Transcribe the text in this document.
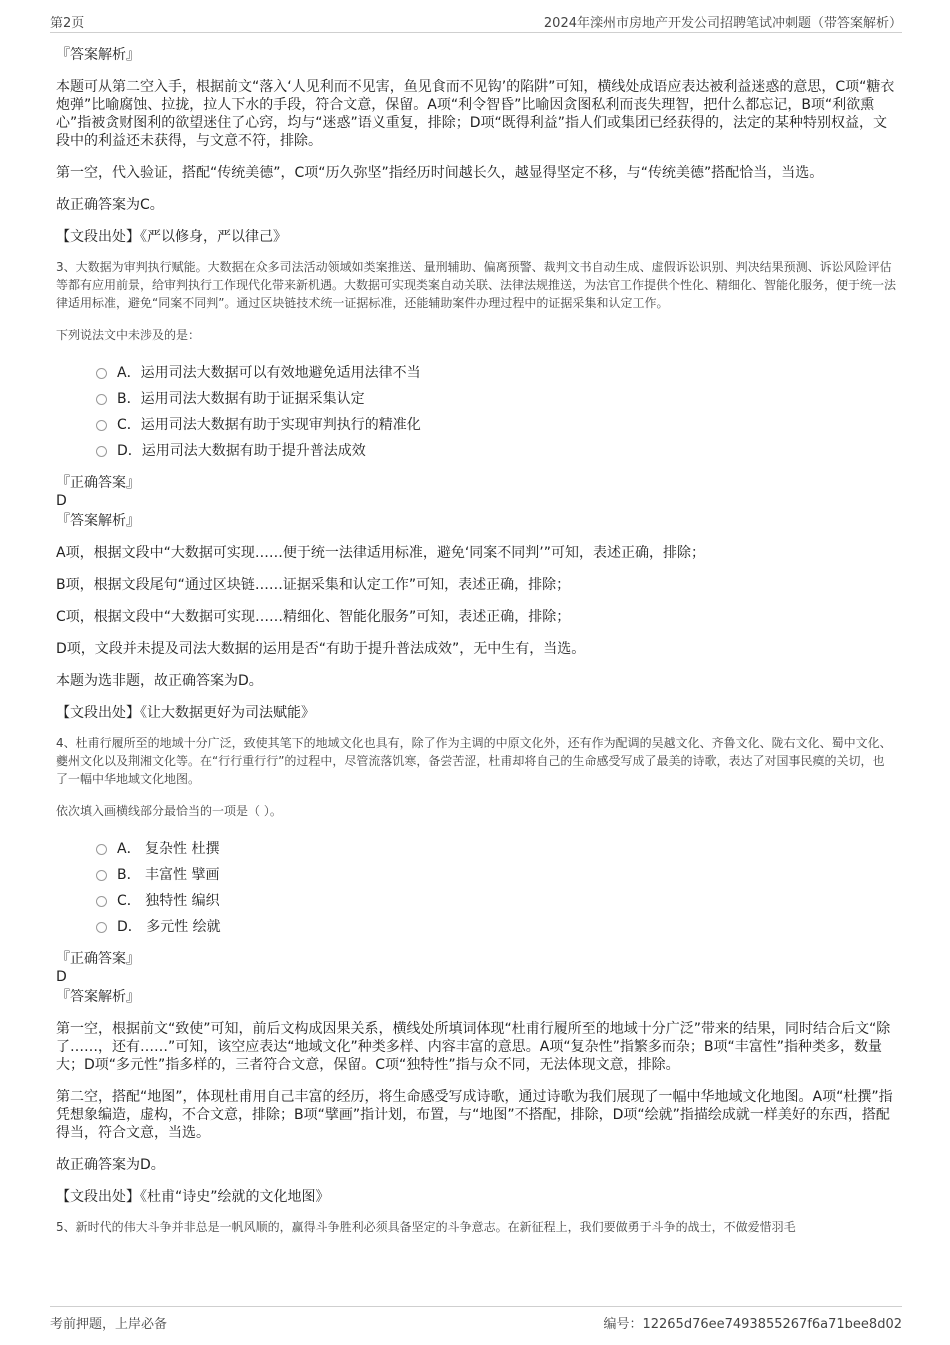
第2页	2024年滦州市房地产开发公司招聘笔试冲刺题（带答案解析）

『答案解析』

本题可从第二空入手，根据前文“落入‘人见利而不见害，鱼见食而不见钩’的陷阱”可知，横线处成语应表达被利益迷惑的意思，C项“糖衣炮弹”比喻腐蚀、拉拢，拉人下水的手段，符合文意，保留。A项“利令智昏”比喻因贪图私利而丧失理智，把什么都忘记，B项“利欲熏心”指被贪财图利的欲望迷住了心窍，均与“迷惑”语义重复，排除；D项“既得利益”指人们或集团已经获得的，法定的某种特别权益，文段中的利益还未获得，与文意不符，排除。

第一空，代入验证，搭配“传统美德”，C项“历久弥坚”指经历时间越长久，越显得坚定不移，与“传统美德”搭配恰当，当选。

故正确答案为C。

【文段出处】《严以修身，严以律己》

3、大数据为审判执行赋能。大数据在众多司法活动领域如类案推送、量刑辅助、偏离预警、裁判文书自动生成、虚假诉讼识别、判决结果预测、诉讼风险评估等都有应用前景，给审判执行工作现代化带来新机遇。大数据可实现类案自动关联、法律法规推送，为法官工作提供个性化、精细化、智能化服务，便于统一法律适用标准，避免“同案不同判”。通过区块链技术统一证据标准，还能辅助案件办理过程中的证据采集和认定工作。

下列说法文中未涉及的是：

A．运用司法大数据可以有效地避免适用法律不当
B．运用司法大数据有助于证据采集认定
C．运用司法大数据有助于实现审判执行的精准化
D．运用司法大数据有助于提升普法成效

『正确答案』

D

『答案解析』

A项，根据文段中“大数据可实现……便于统一法律适用标准，避免‘同案不同判’”可知，表述正确，排除；

B项，根据文段尾句“通过区块链……证据采集和认定工作”可知，表述正确，排除；

C项，根据文段中“大数据可实现……精细化、智能化服务”可知，表述正确，排除；

D项，文段并未提及司法大数据的运用是否“有助于提升普法成效”，无中生有，当选。

本题为选非题，故正确答案为D。

【文段出处】《让大数据更好为司法赋能》

4、杜甫行履所至的地域十分广泛，致使其笔下的地域文化也具有，除了作为主调的中原文化外，还有作为配调的吴越文化、齐鲁文化、陇右文化、蜀中文化、夔州文化以及荆湘文化等。在“行行重行行”的过程中，尽管流落饥寒，备尝苦涩，杜甫却将自己的生命感受写成了最美的诗歌，表达了对国事民瘼的关切，也 了一幅中华地域文化地图。

依次填入画横线部分最恰当的一项是（ ）。

A． 复杂性 杜撰
B． 丰富性 擘画
C． 独特性 编织
D． 多元性 绘就

『正确答案』

D

『答案解析』

第一空，根据前文“致使”可知，前后文构成因果关系，横线处所填词体现“杜甫行履所至的地域十分广泛”带来的结果，同时结合后文“除了……，还有……”可知，该空应表达“地域文化”种类多样、内容丰富的意思。A项“复杂性”指繁多而杂；B项“丰富性”指种类多，数量大；D项“多元性”指多样的，三者符合文意，保留。C项“独特性”指与众不同，无法体现文意，排除。

第二空，搭配“地图”，体现杜甫用自己丰富的经历，将生命感受写成诗歌，通过诗歌为我们展现了一幅中华地域文化地图。A项“杜撰”指凭想象编造，虚构，不合文意，排除；B项“擘画”指计划，布置，与“地图”不搭配，排除，D项“绘就”指描绘成就一样美好的东西，搭配得当，符合文意，当选。

故正确答案为D。

【文段出处】《杜甫“诗史”绘就的文化地图》

5、新时代的伟大斗争并非总是一帆风顺的，赢得斗争胜利必须具备坚定的斗争意志。在新征程上，我们要做勇于斗争的战士，不做爱惜羽毛

考前押题，上岸必备	编号：12265d76ee7493855267f6a71bee8d02
